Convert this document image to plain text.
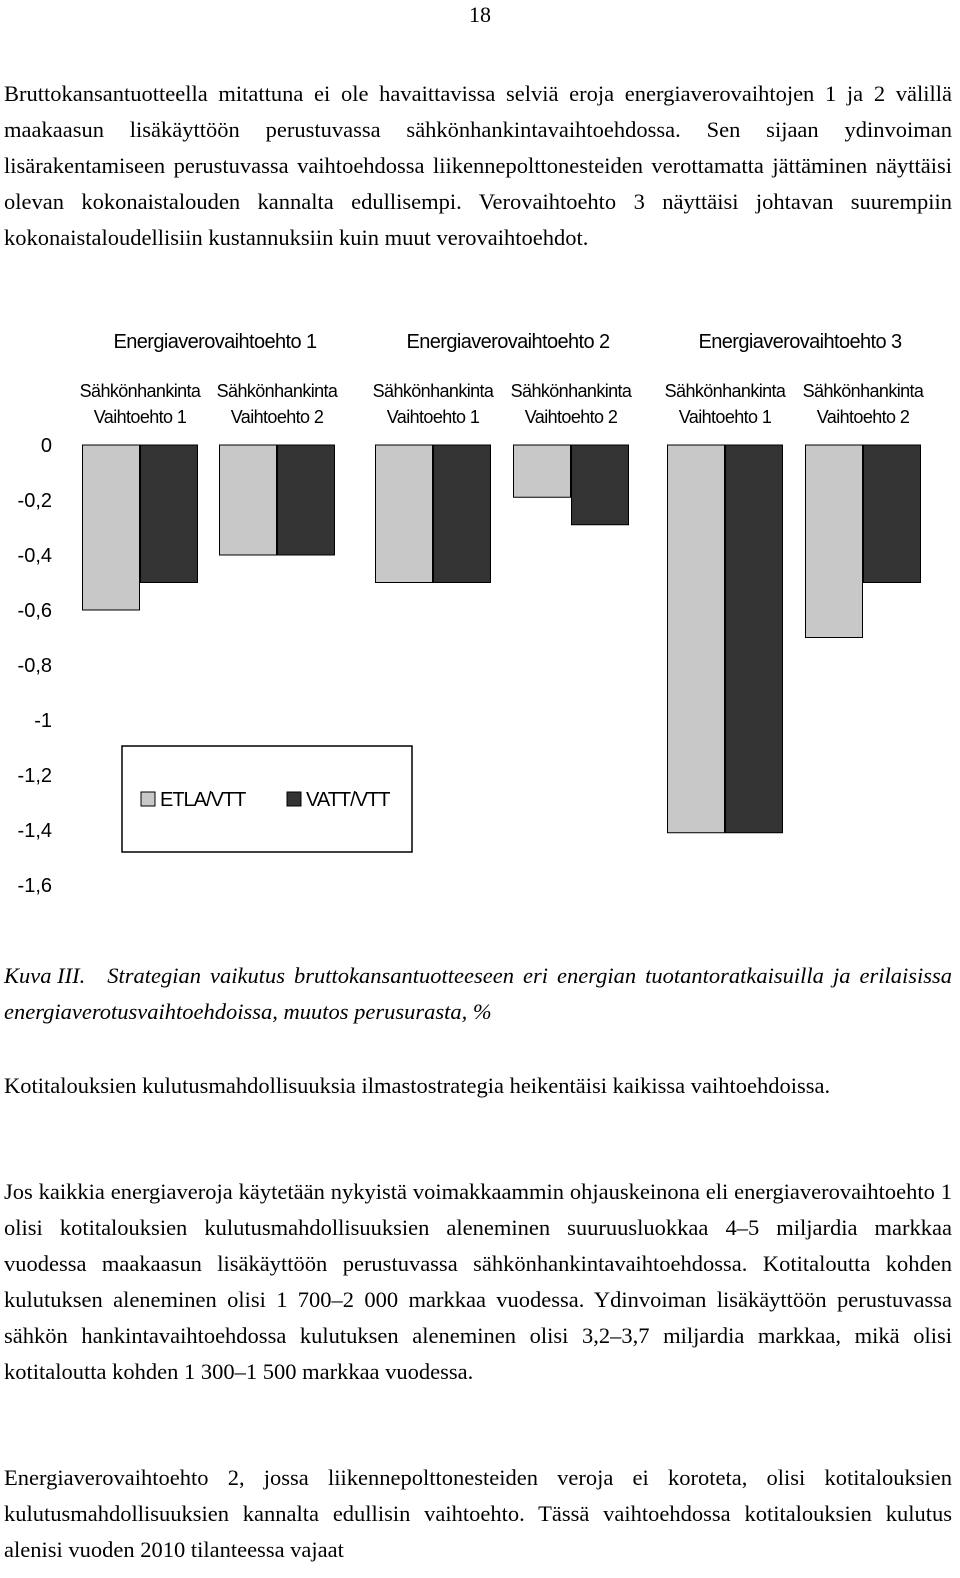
18

Bruttokansantuotteella mitattuna ei ole havaittavissa selviä eroja energiaverovaihtojen 1 ja 2 välillä maakaasun lisäkäyttöön perustuvassa sähkönhankintavaihtoehdossa. Sen sijaan ydinvoiman lisärakentamiseen perustuvassa vaihtoehdossa liikennepolttonesteiden verottamatta jättäminen näyttäisi olevan kokonaistalouden kannalta edullisempi. Verovaihtoehto 3 näyttäisi johtavan suurempiin kokonaistaloudellisiin kustannuksiin kuin muut verovaihtoehdot.

Energiaverovaihtoehto 1	Energiaverovaihtoehto 2	Energiaverovaihtoehto 3
Sähkönhankinta
Vaihtoehto 1
Sähkönhankinta
Vaihtoehto 2
Sähkönhankinta
Vaihtoehto 1
Sähkönhankinta
Vaihtoehto 2
Sähkönhankinta
Vaihtoehto 1
Sähkönhankinta
Vaihtoehto 2
0
-0,2
-0,4
-0,6
-0,8
-1
-1,2
-1,4
-1,6
ETLA/VTT	VATT/VTT

Kuva III. Strategian vaikutus bruttokansantuotteeseen eri energian tuotantoratkaisuilla ja erilaisissa energiaverotusvaihtoehdoissa, muutos perusurasta, %

Kotitalouksien kulutusmahdollisuuksia ilmastostrategia heikentäisi kaikissa vaihtoehdoissa.

Jos kaikkia energiaveroja käytetään nykyistä voimakkaammin ohjauskeinona eli energiaverovaihtoehto 1 olisi kotitalouksien kulutusmahdollisuuksien aleneminen suuruusluokkaa 4–5 miljardia markkaa vuodessa maakaasun lisäkäyttöön perustuvassa sähkönhankintavaihtoehdossa. Kotitaloutta kohden kulutuksen aleneminen olisi 1 700–2 000 markkaa vuodessa. Ydinvoiman lisäkäyttöön perustuvassa sähkön hankintavaihtoehdossa kulutuksen aleneminen olisi 3,2–3,7 miljardia markkaa, mikä olisi kotitaloutta kohden 1 300–1 500 markkaa vuodessa.

Energiaverovaihtoehto 2, jossa liikennepolttonesteiden veroja ei koroteta, olisi kotitalouksien kulutusmahdollisuuksien kannalta edullisin vaihtoehto. Tässä vaihtoehdossa kotitalouksien kulutus alenisi vuoden 2010 tilanteessa vajaat
